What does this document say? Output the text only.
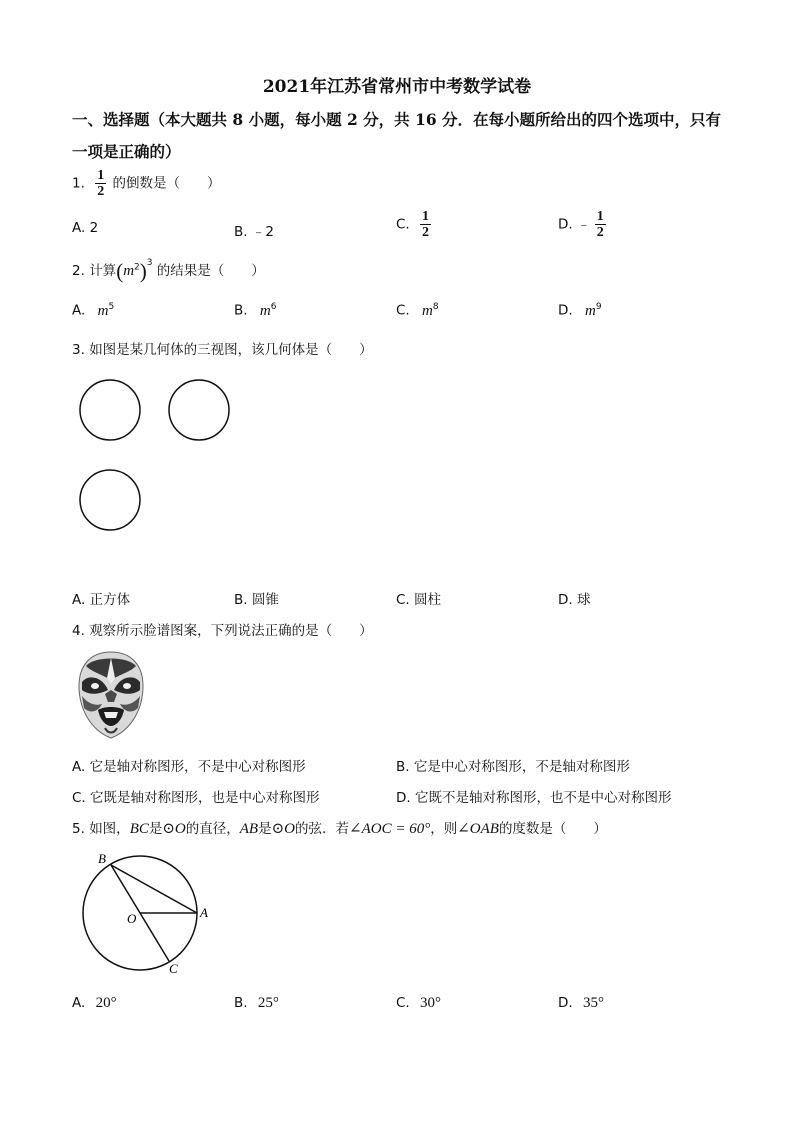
2021年江苏省常州市中考数学试卷
一、选择题（本大题共 8 小题，每小题 2 分，共 16 分．在每小题所给出的四个选项中，只有
一项是正确的）
1. $\frac{1}{2}$ 的倒数是（　　）
A. 2	B. ﹣2	C. $\frac{1}{2}$	D. ﹣ $\frac{1}{2}$
2. 计算$(m^2)^3$ 的结果是（　　）
A. $m^5$	B. $m^6$	C. $m^8$	D. $m^9$
3. 如图是某几何体的三视图，该几何体是（　　）
A. 正方体	B. 圆锥	C. 圆柱	D. 球
4. 观察所示脸谱图案，下列说法正确的是（　　）
A. 它是轴对称图形，不是中心对称图形	B. 它是中心对称图形，不是轴对称图形
C. 它既是轴对称图形，也是中心对称图形	D. 它既不是轴对称图形，也不是中心对称图形
5. 如图，BC是⊙O的直径，AB是⊙O的弦．若∠AOC = 60°，则∠OAB的度数是（　　）
B
O	A
C
A. 20°	B. 25°	C. 30°	D. 35°
